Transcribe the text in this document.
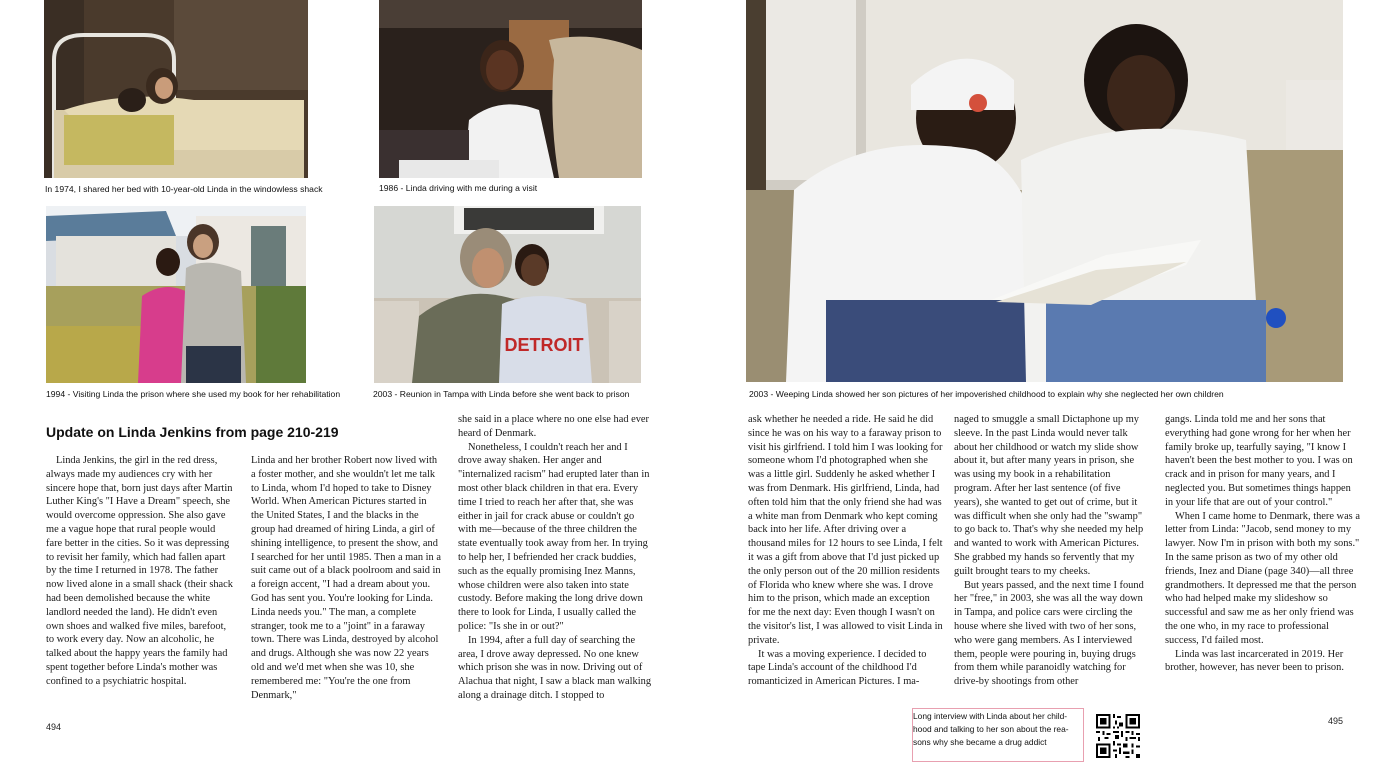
In 1974, I shared her bed with 10-year-old Linda in the windowless shack	1986 - Linda driving with me during a visit
1994 - Visiting Linda the prison where she used my book for her rehabilitation
DETROIT
2003 - Reunion in Tampa with Linda before she went back to prison	2003 - Weeping Linda showed her son pictures of her impoverished childhood to explain why she neglected her own children
Update on Linda Jenkins from page 210-219

Linda Jenkins, the girl in the red dress, always made my audiences cry with her sincere hope that, born just days after Martin Luther King's "I Have a Dream" speech, she would overcome oppression. She also gave me a vague hope that rural people would fare better in the cities. So it was depressing to revisit her family, which had fallen apart by the time I returned in 1978. The father now lived alone in a small shack (their shack had been demolished because the white landlord needed the land). He didn't even own shoes and walked five miles, barefoot, to work every day. Now an alcoholic, he talked about the happy years the family had spent together before Linda's mother was confined to a psychiatric hospital.

Linda and her brother Robert now lived with a foster mother, and she wouldn't let me talk to Linda, whom I'd hoped to take to Disney World. When American Pictures started in the United States, I and the blacks in the group had dreamed of hiring Linda, a girl of shining intelligence, to present the show, and I searched for her until 1985. Then a man in a suit came out of a black poolroom and said in a foreign accent, "I had a dream about you. God has sent you. You're looking for Linda. Linda needs you." The man, a complete stranger, took me to a "joint" in a faraway town. There was Linda, destroyed by alcohol and drugs. Although she was now 22 years old and we'd met when she was 10, she remembered me: "You're the one from Denmark,"

she said in a place where no one else had ever heard of Denmark.

Nonetheless, I couldn't reach her and I drove away shaken. Her anger and "internalized racism" had erupted later than in most other black children in that era. Every time I tried to reach her after that, she was either in jail for crack abuse or couldn't go with me—because of the three children the state eventually took away from her. In trying to help her, I befriended her crack buddies, such as the equally promising Inez Manns, whose children were also taken into state custody. Before making the long drive down there to look for Linda, I usually called the police: "Is she in or out?"

In 1994, after a full day of searching the area, I drove away depressed. No one knew which prison she was in now. Driving out of Alachua that night, I saw a black man walking along a drainage ditch. I stopped to

ask whether he needed a ride. He said he did since he was on his way to a faraway prison to visit his girlfriend. I told him I was looking for someone whom I'd photographed when she was a little girl. Suddenly he asked whether I was from Denmark. His girlfriend, Linda, had often told him that the only friend she had was a white man from Denmark who kept coming back into her life. After driving over a thousand miles for 12 hours to see Linda, I felt it was a gift from above that I'd just picked up the only person out of the 20 million residents of Florida who knew where she was. I drove him to the prison, which made an exception for me the next day: Even though I wasn't on the visitor's list, I was allowed to visit Linda in private.

It was a moving experience. I decided to tape Linda's account of the childhood I'd romanticized in American Pictures. I ma-

naged to smuggle a small Dictaphone up my sleeve. In the past Linda would never talk about her childhood or watch my slide show about it, but after many years in prison, she was using my book in a rehabilitation program. After her last sentence (of five years), she wanted to get out of crime, but it was difficult when she only had the "swamp" to go back to. That's why she needed my help and wanted to work with American Pictures. She grabbed my hands so fervently that my guilt brought tears to my cheeks.

But years passed, and the next time I found her "free," in 2003, she was all the way down in Tampa, and police cars were circling the house where she lived with two of her sons, who were gang members. As I interviewed them, people were pouring in, buying drugs from them while paranoidly watching for drive-by shootings from other

gangs. Linda told me and her sons that everything had gone wrong for her when her family broke up, tearfully saying, "I know I haven't been the best mother to you. I was on crack and in prison for many years, and I neglected you. But sometimes things happen in your life that are out of your control."

When I came home to Denmark, there was a letter from Linda: "Jacob, send money to my lawyer. Now I'm in prison with both my sons." In the same prison as two of my other old friends, Inez and Diane (page 340)—all three grandmothers. It depressed me that the person who had helped make my slideshow so successful and saw me as her only friend was the one who, in my race to professional success, I'd failed most.

Linda was last incarcerated in 2019. Her brother, however, has never been to prison.

494
495
Long interview with Linda about her child-
hood and talking to her son about the rea-
sons why she became a drug addict
